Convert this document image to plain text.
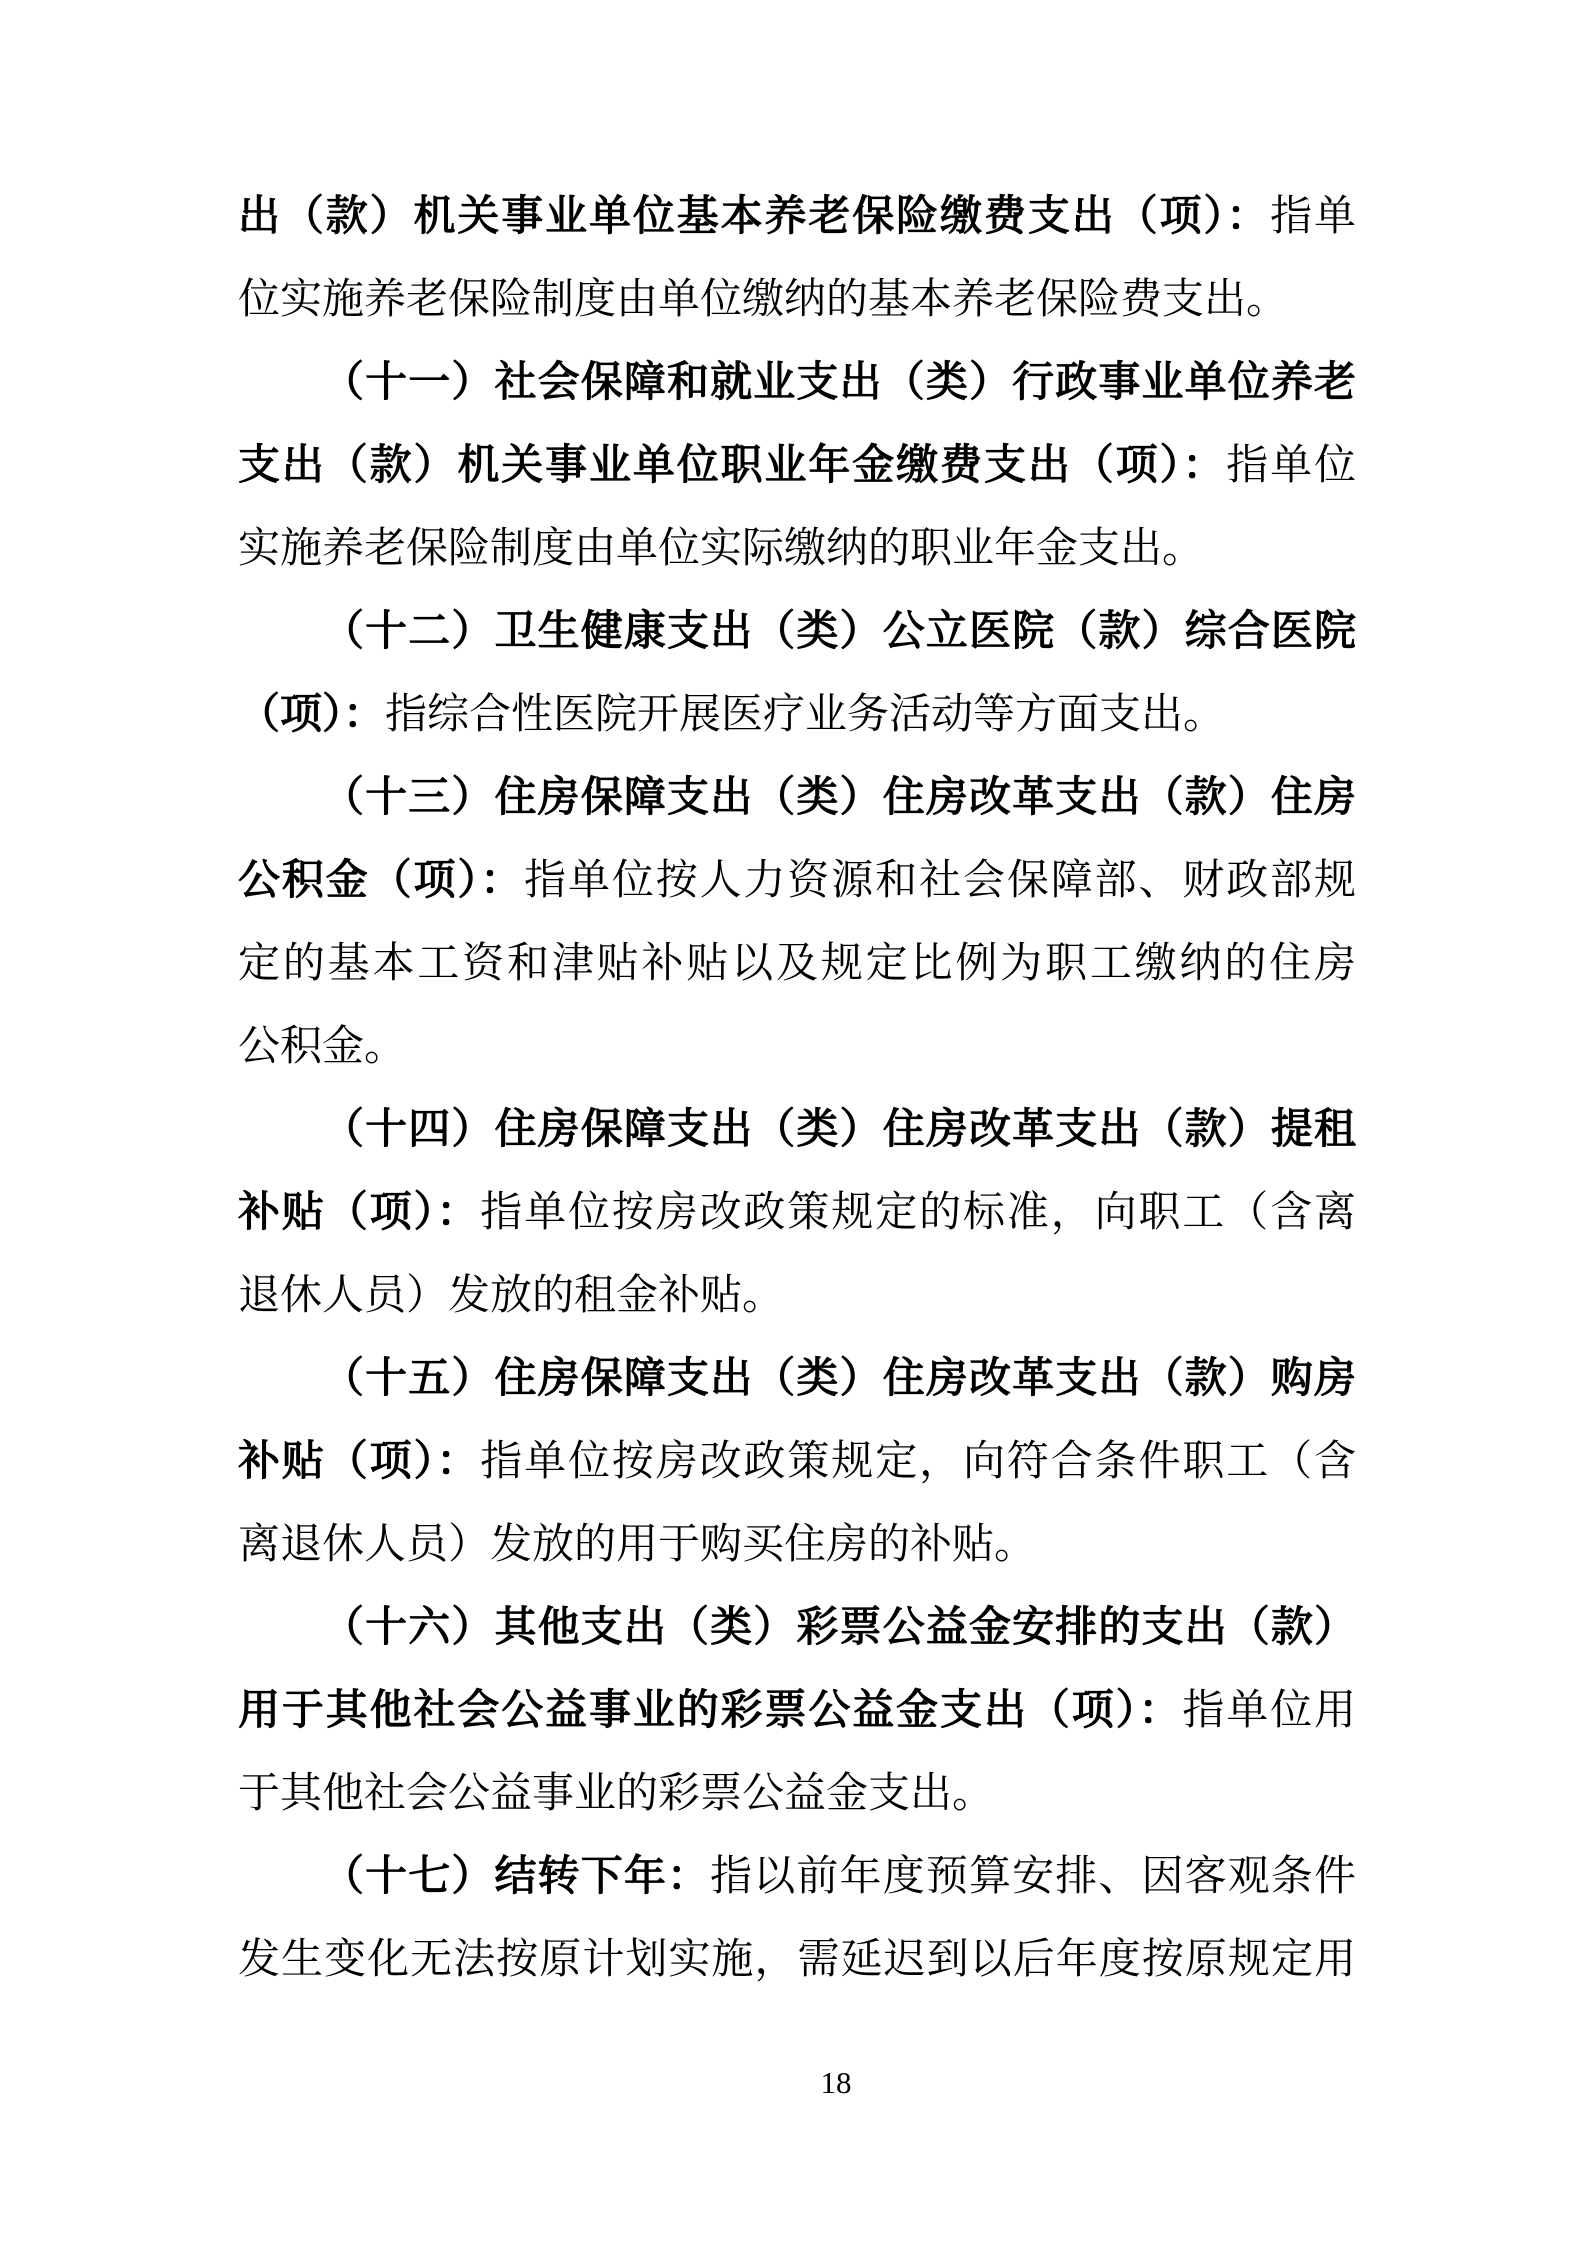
出（款）机关事业单位基本养老保险缴费支出（项）：指单
位实施养老保险制度由单位缴纳的基本养老保险费支出。
（十一）社会保障和就业支出（类）行政事业单位养老
支出（款）机关事业单位职业年金缴费支出（项）：指单位
实施养老保险制度由单位实际缴纳的职业年金支出。
（十二）卫生健康支出（类）公立医院（款）综合医院
（项）：指综合性医院开展医疗业务活动等方面支出。
（十三）住房保障支出（类）住房改革支出（款）住房
公积金（项）：指单位按人力资源和社会保障部、财政部规
定的基本工资和津贴补贴以及规定比例为职工缴纳的住房
公积金。
（十四）住房保障支出（类）住房改革支出（款）提租
补贴（项）：指单位按房改政策规定的标准，向职工（含离
退休人员）发放的租金补贴。
（十五）住房保障支出（类）住房改革支出（款）购房
补贴（项）：指单位按房改政策规定，向符合条件职工（含
离退休人员）发放的用于购买住房的补贴。
（十六）其他支出（类）彩票公益金安排的支出（款）
用于其他社会公益事业的彩票公益金支出（项）：指单位用
于其他社会公益事业的彩票公益金支出。
（十七）结转下年：指以前年度预算安排、因客观条件
发生变化无法按原计划实施，需延迟到以后年度按原规定用
18
